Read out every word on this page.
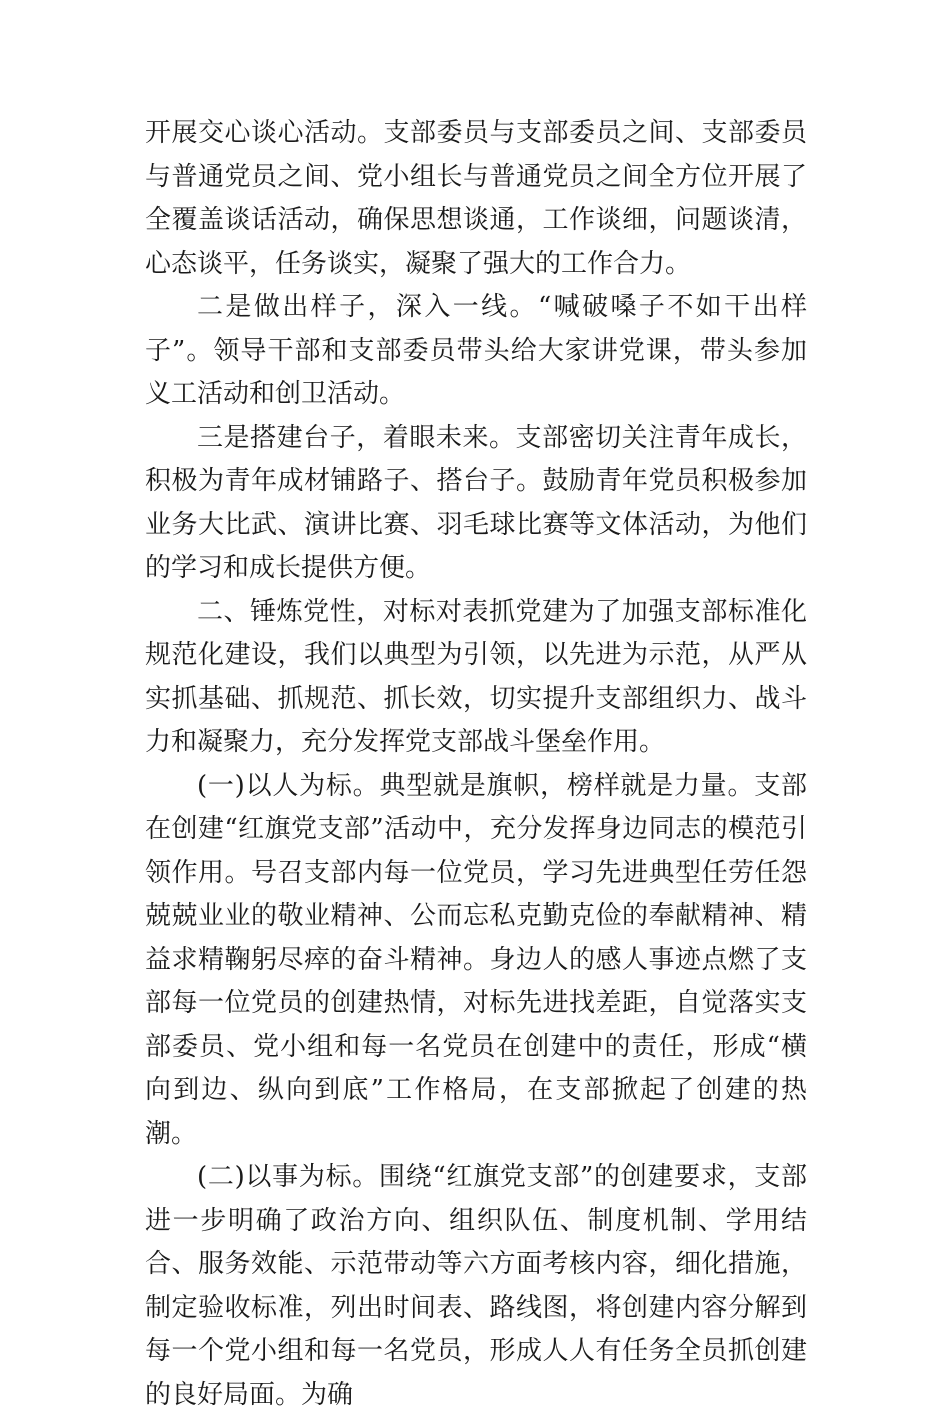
开展交心谈心活动。支部委员与支部委员之间、支部委员与普通党员之间、党小组长与普通党员之间全方位开展了全覆盖谈话活动，确保思想谈通，工作谈细，问题谈清，心态谈平，任务谈实，凝聚了强大的工作合力。

二是做出样子，深入一线。“喊破嗓子不如干出样子”。领导干部和支部委员带头给大家讲党课，带头参加义工活动和创卫活动。

三是搭建台子，着眼未来。支部密切关注青年成长，积极为青年成材铺路子、搭台子。鼓励青年党员积极参加业务大比武、演讲比赛、羽毛球比赛等文体活动，为他们的学习和成长提供方便。

二、锤炼党性，对标对表抓党建为了加强支部标准化规范化建设，我们以典型为引领，以先进为示范，从严从实抓基础、抓规范、抓长效，切实提升支部组织力、战斗力和凝聚力，充分发挥党支部战斗堡垒作用。

(一)以人为标。典型就是旗帜，榜样就是力量。支部在创建“红旗党支部”活动中，充分发挥身边同志的模范引领作用。号召支部内每一位党员，学习先进典型任劳任怨兢兢业业的敬业精神、公而忘私克勤克俭的奉献精神、精益求精鞠躬尽瘁的奋斗精神。身边人的感人事迹点燃了支部每一位党员的创建热情，对标先进找差距，自觉落实支部委员、党小组和每一名党员在创建中的责任，形成“横向到边、纵向到底”工作格局，在支部掀起了创建的热潮。

(二)以事为标。围绕“红旗党支部”的创建要求，支部进一步明确了政治方向、组织队伍、制度机制、学用结合、服务效能、示范带动等六方面考核内容，细化措施，制定验收标准，列出时间表、路线图，将创建内容分解到每一个党小组和每一名党员，形成人人有任务全员抓创建的良好局面。为确
